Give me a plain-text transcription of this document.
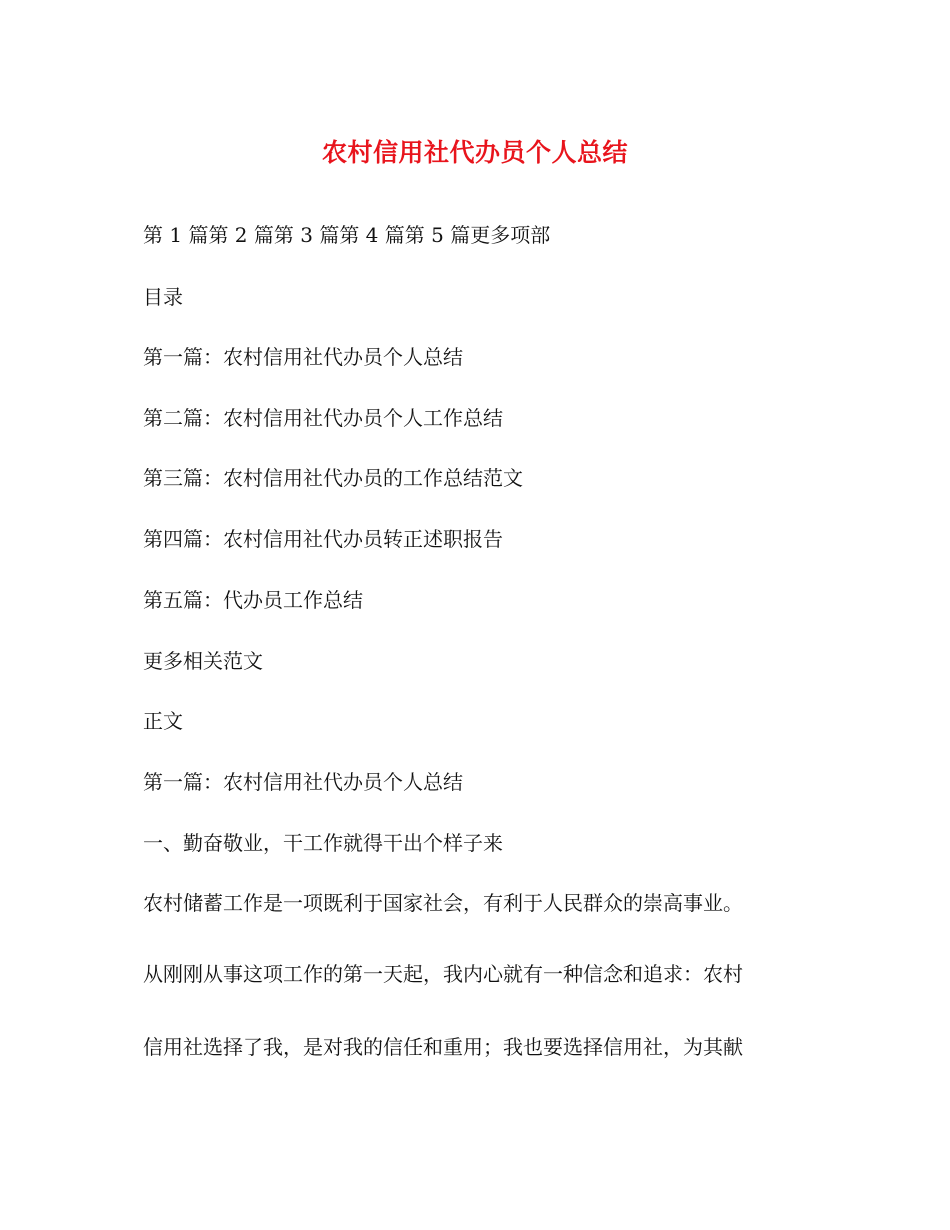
农村信用社代办员个人总结
第 1 篇第 2 篇第 3 篇第 4 篇第 5 篇更多项部
目录
第一篇：农村信用社代办员个人总结
第二篇：农村信用社代办员个人工作总结
第三篇：农村信用社代办员的工作总结范文
第四篇：农村信用社代办员转正述职报告
第五篇：代办员工作总结
更多相关范文
正文
第一篇：农村信用社代办员个人总结
一、勤奋敬业，干工作就得干出个样子来
农村储蓄工作是一项既利于国家社会，有利于人民群众的崇高事业。
从刚刚从事这项工作的第一天起，我内心就有一种信念和追求：农村
信用社选择了我，是对我的信任和重用；我也要选择信用社，为其献
